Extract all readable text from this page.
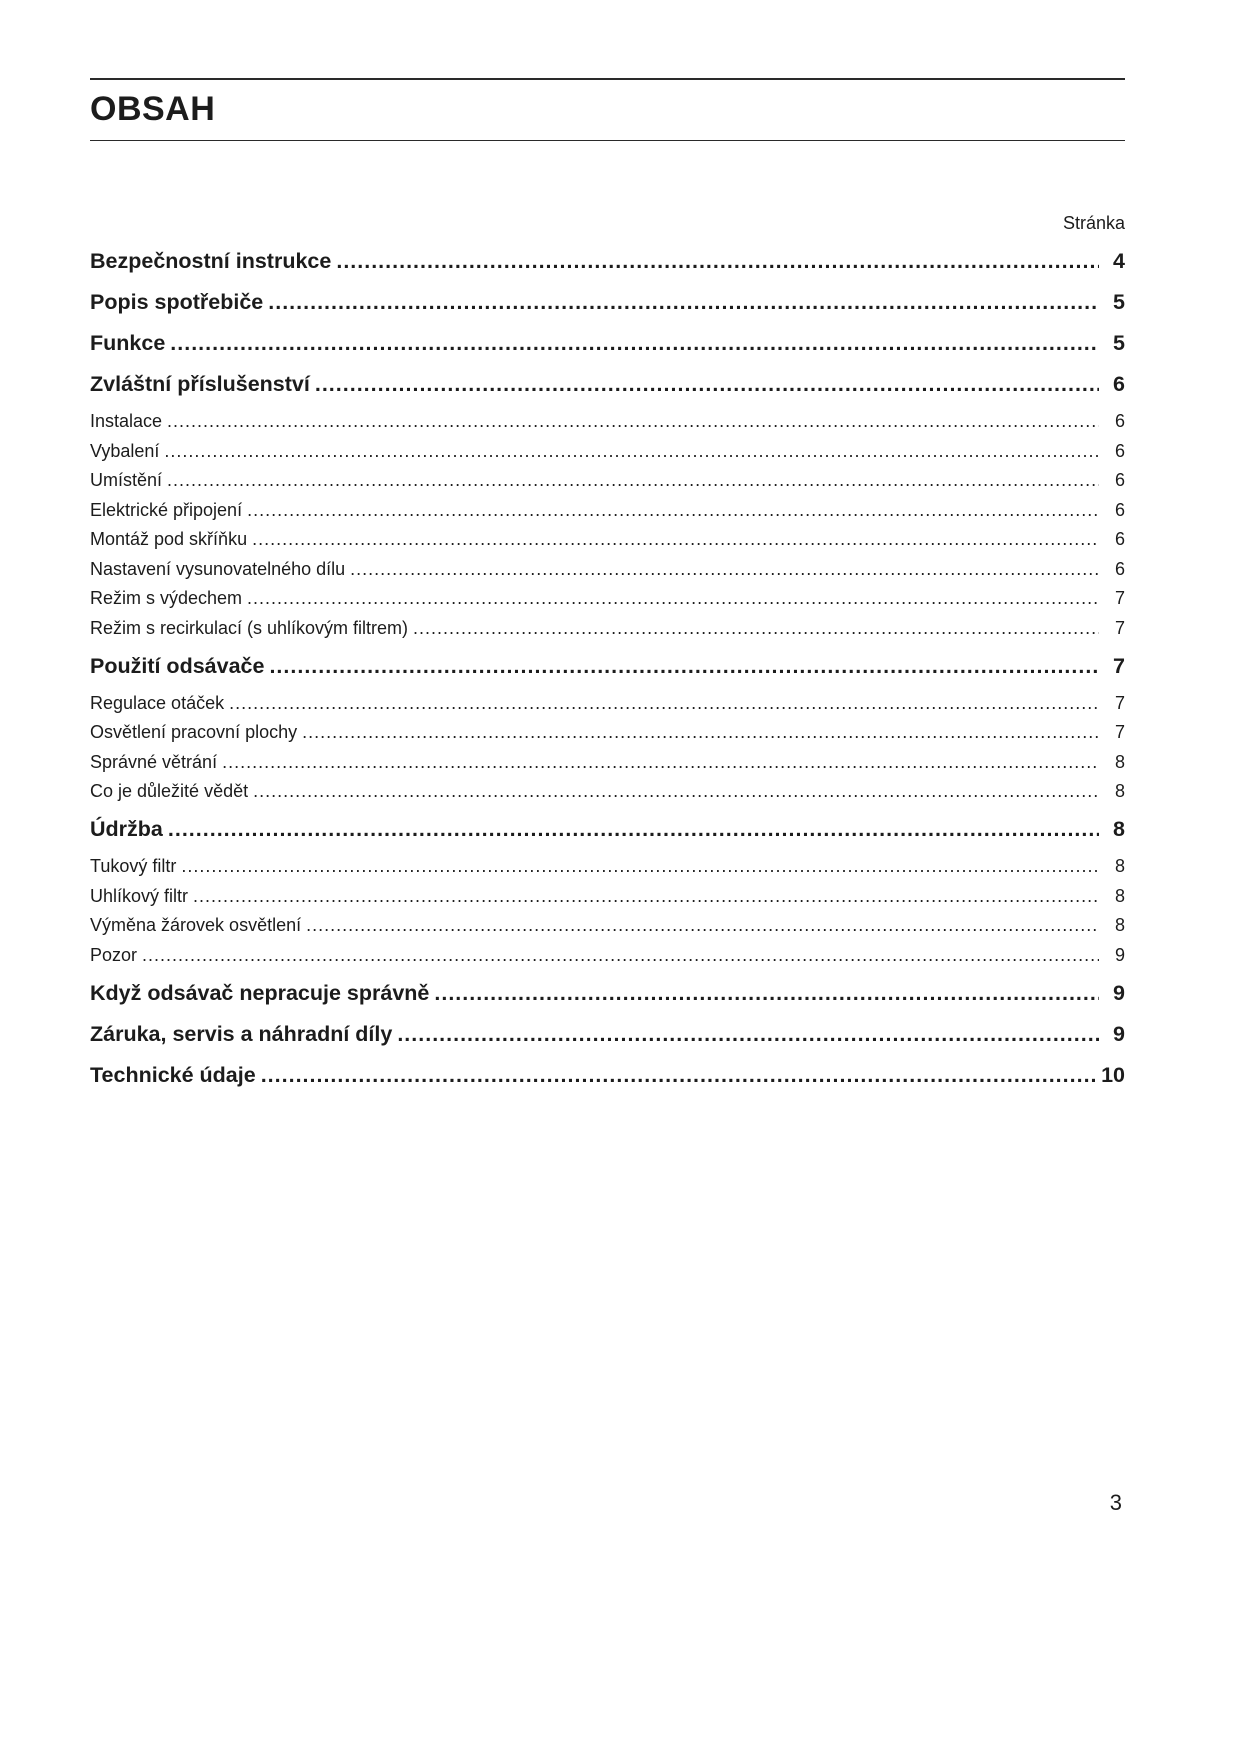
OBSAH
Stránka
Bezpečnostní instrukce .....	4
Popis spotřebiče .....	5
Funkce .....	5
Zvláštní příslušenství .....	6
Instalace .....	6
Vybalení .....	6
Umístění .....	6
Elektrické připojení .....	6
Montáž pod skříňku .....	6
Nastavení vysunovatelného dílu .....	6
Režim s výdechem .....	7
Režim s recirkulací (s uhlíkovým filtrem) .....	7
Použití odsávače .....	7
Regulace otáček .....	7
Osvětlení pracovní plochy .....	7
Správné větrání .....	8
Co je důležité vědět .....	8
Údržba .....	8
Tukový filtr .....	8
Uhlíkový filtr .....	8
Výměna žárovek osvětlení .....	8
Pozor .....	9
Když odsávač nepracuje správně .....	9
Záruka, servis a náhradní díly .....	9
Technické údaje .....	10
3
